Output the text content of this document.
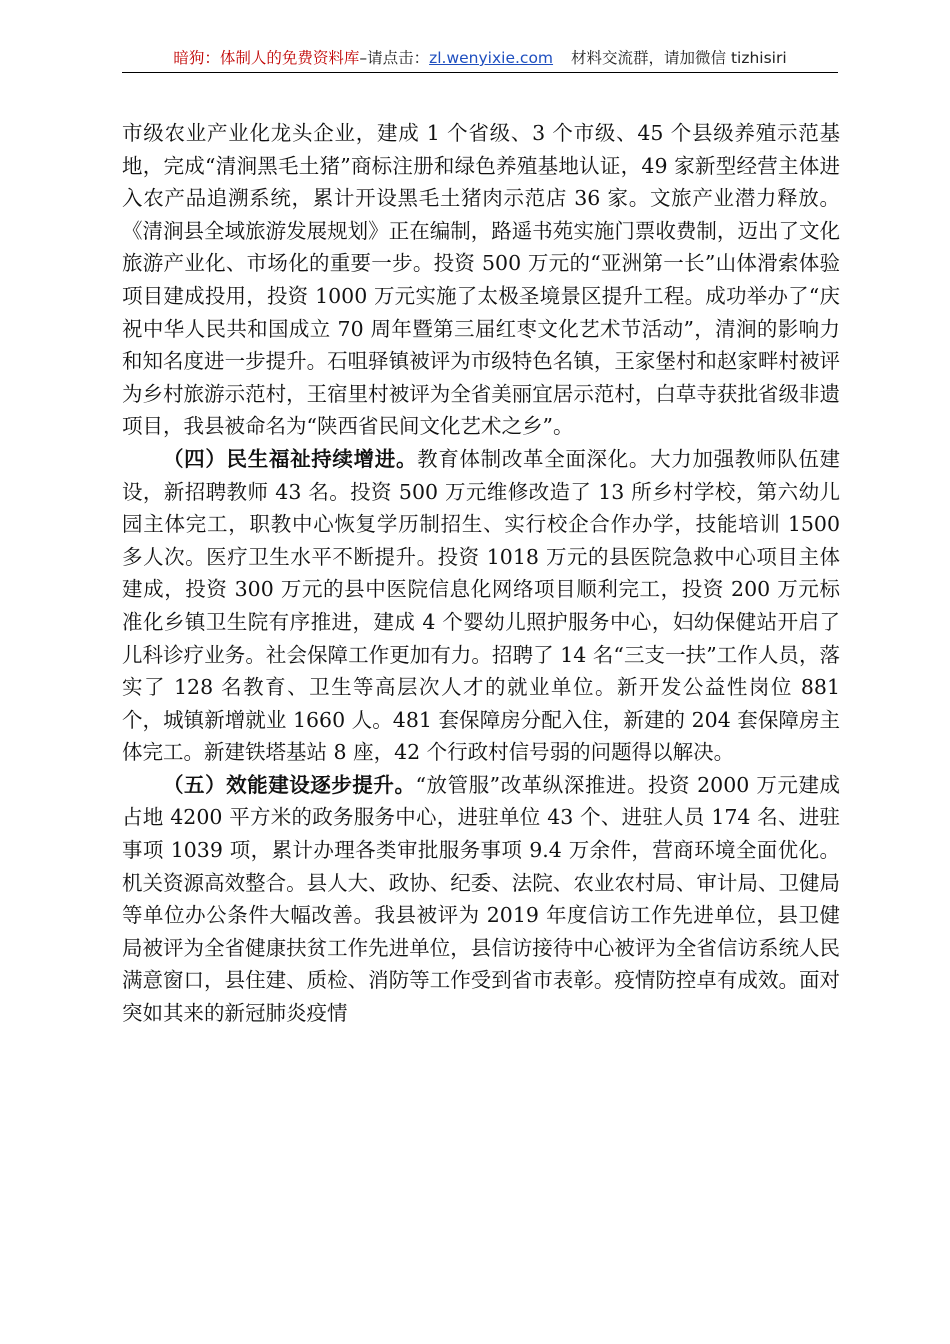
暗狗：体制人的免费资料库–请点击：zl.wenyixie.com 材料交流群，请加微信 tizhisiri

市级农业产业化龙头企业，建成 1 个省级、3 个市级、45 个县级养殖示范基地，完成“清涧黑毛土猪”商标注册和绿色养殖基地认证，49 家新型经营主体进入农产品追溯系统，累计开设黑毛土猪肉示范店 36 家。文旅产业潜力释放。《清涧县全域旅游发展规划》正在编制，路遥书苑实施门票收费制，迈出了文化旅游产业化、市场化的重要一步。投资 500 万元的“亚洲第一长”山体滑索体验项目建成投用，投资 1000 万元实施了太极圣境景区提升工程。成功举办了“庆祝中华人民共和国成立 70 周年暨第三届红枣文化艺术节活动”，清涧的影响力和知名度进一步提升。石咀驿镇被评为市级特色名镇，王家堡村和赵家畔村被评为乡村旅游示范村，王宿里村被评为全省美丽宜居示范村，白草寺获批省级非遗项目，我县被命名为“陕西省民间文化艺术之乡”。

（四）民生福祉持续增进。教育体制改革全面深化。大力加强教师队伍建设，新招聘教师 43 名。投资 500 万元维修改造了 13 所乡村学校，第六幼儿园主体完工，职教中心恢复学历制招生、实行校企合作办学，技能培训 1500 多人次。医疗卫生水平不断提升。投资 1018 万元的县医院急救中心项目主体建成，投资 300 万元的县中医院信息化网络项目顺利完工，投资 200 万元标准化乡镇卫生院有序推进，建成 4 个婴幼儿照护服务中心，妇幼保健站开启了儿科诊疗业务。社会保障工作更加有力。招聘了 14 名“三支一扶”工作人员，落实了 128 名教育、卫生等高层次人才的就业单位。新开发公益性岗位 881 个，城镇新增就业 1660 人。481 套保障房分配入住，新建的 204 套保障房主体完工。新建铁塔基站 8 座，42 个行政村信号弱的问题得以解决。

（五）效能建设逐步提升。“放管服”改革纵深推进。投资 2000 万元建成占地 4200 平方米的政务服务中心，进驻单位 43 个、进驻人员 174 名、进驻事项 1039 项，累计办理各类审批服务事项 9.4 万余件，营商环境全面优化。机关资源高效整合。县人大、政协、纪委、法院、农业农村局、审计局、卫健局等单位办公条件大幅改善。我县被评为 2019 年度信访工作先进单位，县卫健局被评为全省健康扶贫工作先进单位，县信访接待中心被评为全省信访系统人民满意窗口，县住建、质检、消防等工作受到省市表彰。疫情防控卓有成效。面对突如其来的新冠肺炎疫情
